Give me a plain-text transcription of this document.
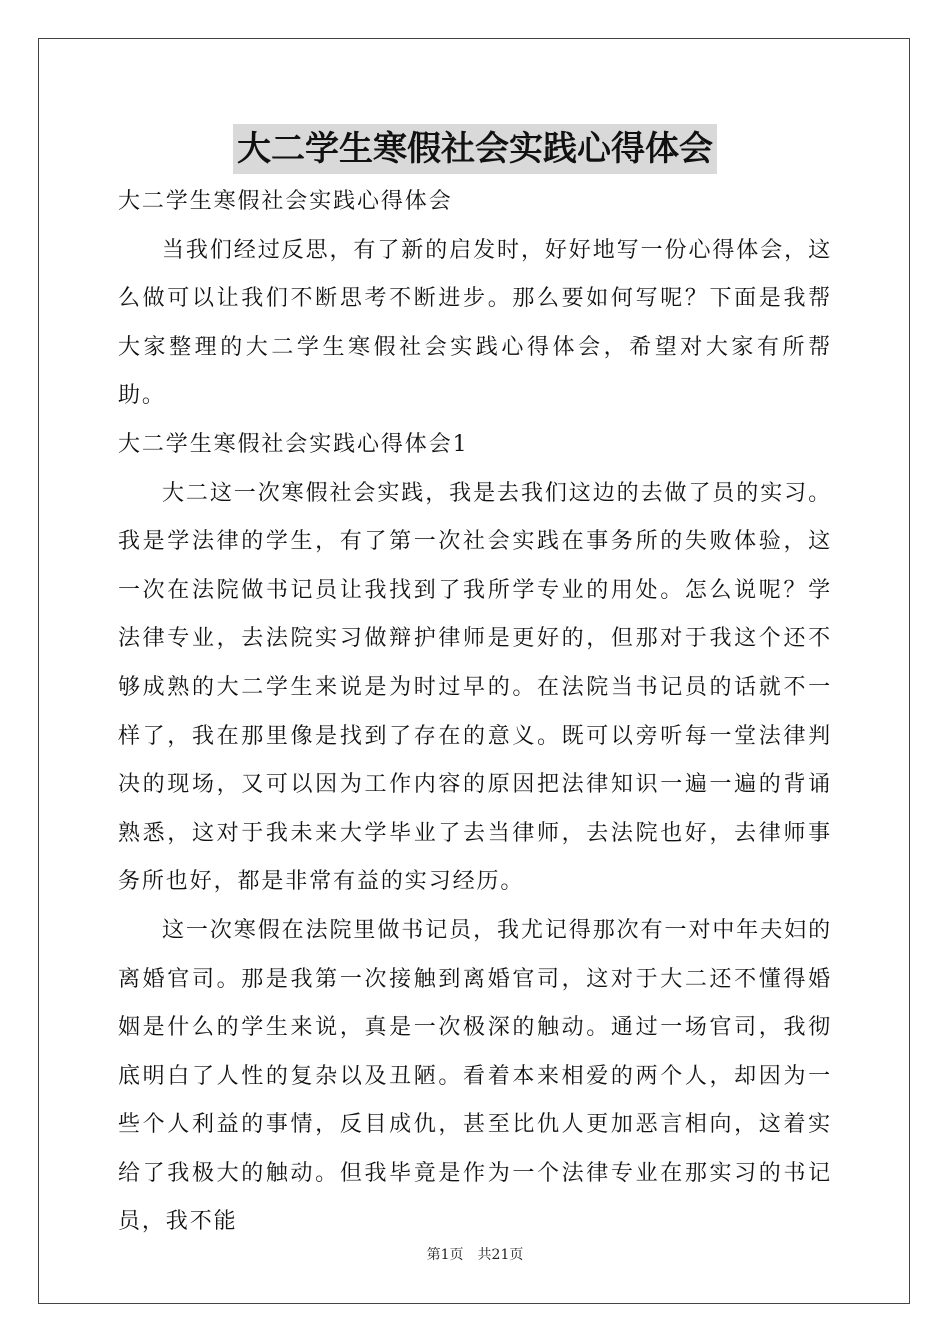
大二学生寒假社会实践心得体会

大二学生寒假社会实践心得体会

当我们经过反思，有了新的启发时，好好地写一份心得体会，这么做可以让我们不断思考不断进步。那么要如何写呢？下面是我帮大家整理的大二学生寒假社会实践心得体会，希望对大家有所帮助。

大二学生寒假社会实践心得体会1

大二这一次寒假社会实践，我是去我们这边的去做了员的实习。我是学法律的学生，有了第一次社会实践在事务所的失败体验，这一次在法院做书记员让我找到了我所学专业的用处。怎么说呢？学法律专业，去法院实习做辩护律师是更好的，但那对于我这个还不够成熟的大二学生来说是为时过早的。在法院当书记员的话就不一样了，我在那里像是找到了存在的意义。既可以旁听每一堂法律判决的现场，又可以因为工作内容的原因把法律知识一遍一遍的背诵熟悉，这对于我未来大学毕业了去当律师，去法院也好，去律师事务所也好，都是非常有益的实习经历。

这一次寒假在法院里做书记员，我尤记得那次有一对中年夫妇的离婚官司。那是我第一次接触到离婚官司，这对于大二还不懂得婚姻是什么的学生来说，真是一次极深的触动。通过一场官司，我彻底明白了人性的复杂以及丑陋。看着本来相爱的两个人，却因为一些个人利益的事情，反目成仇，甚至比仇人更加恶言相向，这着实给了我极大的触动。但我毕竟是作为一个法律专业在那实习的书记员，我不能

第1页　共21页
